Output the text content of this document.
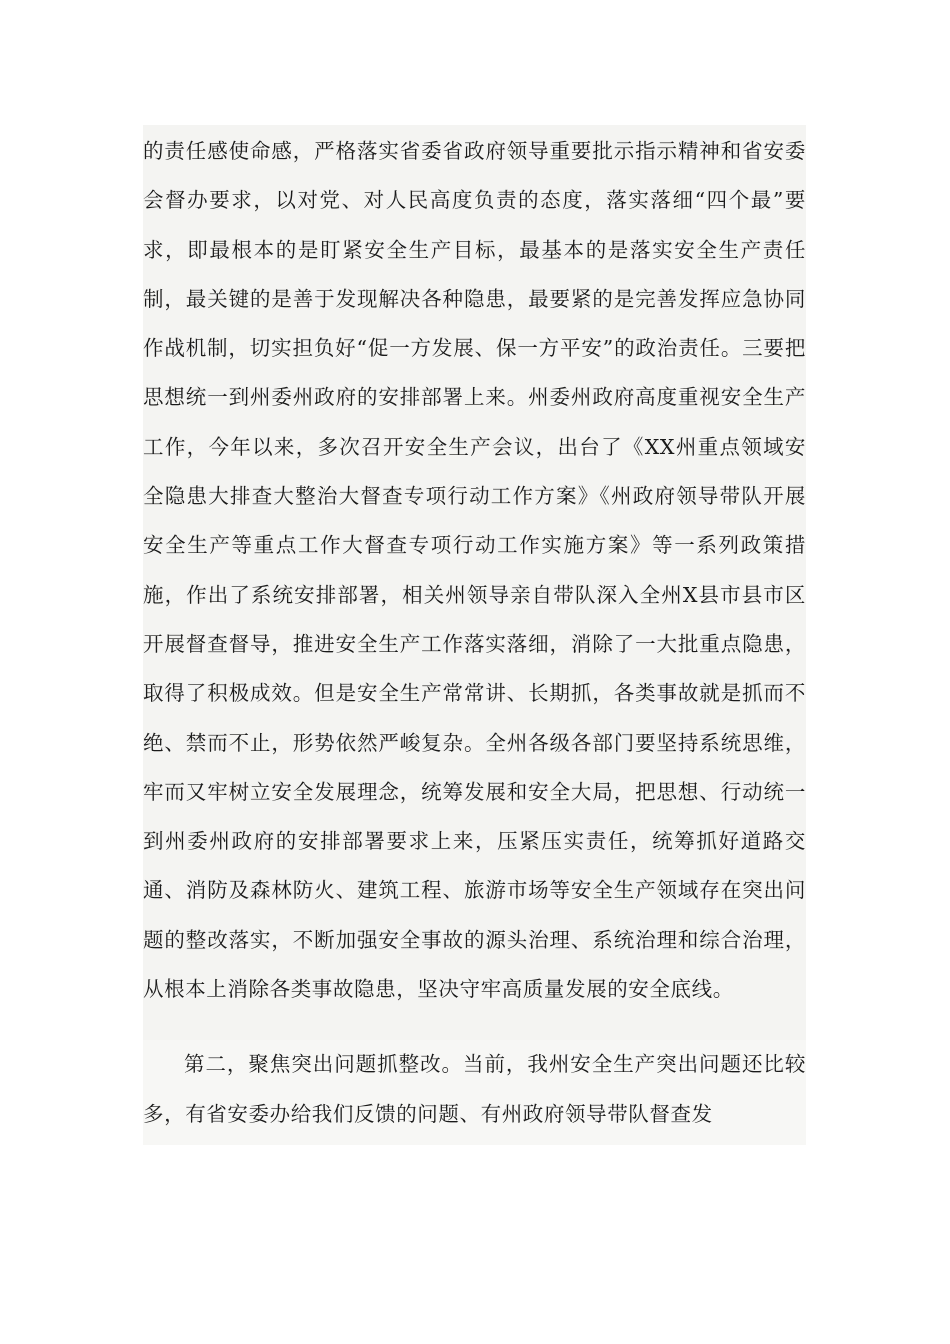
的责任感使命感，严格落实省委省政府领导重要批示指示精神和省安委会督办要求，以对党、对人民高度负责的态度，落实落细“四个最”要求，即最根本的是盯紧安全生产目标，最基本的是落实安全生产责任制，最关键的是善于发现解决各种隐患，最要紧的是完善发挥应急协同作战机制，切实担负好“促一方发展、保一方平安”的政治责任。三要把思想统一到州委州政府的安排部署上来。州委州政府高度重视安全生产工作，今年以来，多次召开安全生产会议，出台了《XX州重点领域安全隐患大排查大整治大督查专项行动工作方案》《州政府领导带队开展安全生产等重点工作大督查专项行动工作实施方案》等一系列政策措施，作出了系统安排部署，相关州领导亲自带队深入全州X县市县市区开展督查督导，推进安全生产工作落实落细，消除了一大批重点隐患，取得了积极成效。但是安全生产常常讲、长期抓，各类事故就是抓而不绝、禁而不止，形势依然严峻复杂。全州各级各部门要坚持系统思维，牢而又牢树立安全发展理念，统筹发展和安全大局，把思想、行动统一到州委州政府的安排部署要求上来，压紧压实责任，统筹抓好道路交通、消防及森林防火、建筑工程、旅游市场等安全生产领域存在突出问题的整改落实，不断加强安全事故的源头治理、系统治理和综合治理，从根本上消除各类事故隐患，坚决守牢高质量发展的安全底线。

第二，聚焦突出问题抓整改。当前，我州安全生产突出问题还比较多，有省安委办给我们反馈的问题、有州政府领导带队督查发
